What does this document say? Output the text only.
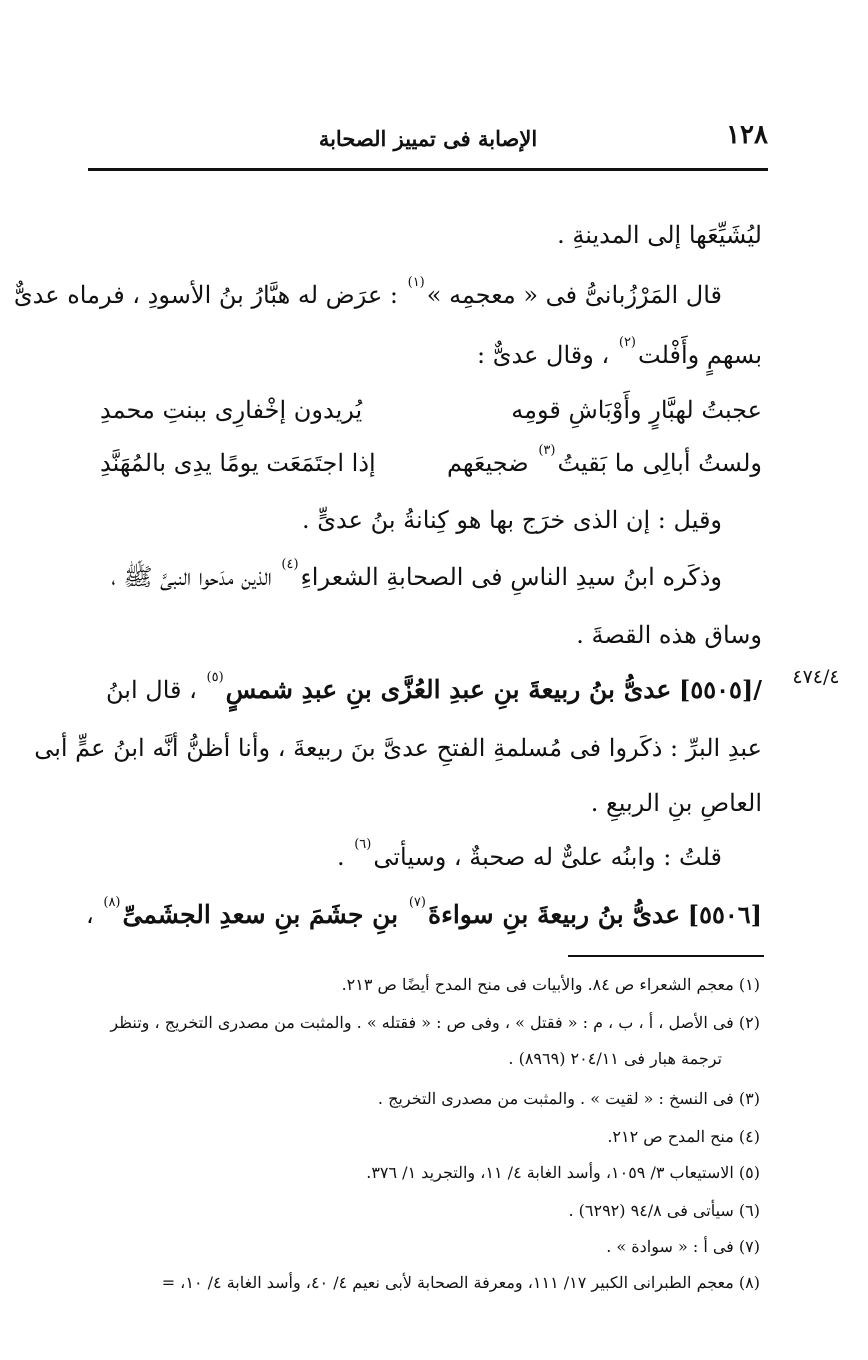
١٢٨
الإصابة فى تمييز الصحابة
٤٧٤/٤
ليُشَيِّعَها إلى المدينةِ .
قال المَرْزُبانىُّ فى « معجمِه »$^{(١)}$ : عرَض له هبَّارُ بنُ الأسودِ ، فرماه عدىٌّ
بسهمٍ وأَفْلت$^{(٢)}$ ، وقال عدىٌّ :
عجبتُ لهبَّارٍ وأَوْبَاشِ قومِه
يُريدون إخْفارِى ببنتِ محمدِ
ولستُ أبالِى ما بَقيتُ$^{(٣)}$ ضجيعَهم
إذا اجتَمَعَت يومًا يدِى بالمُهَنَّدِ
وقيل : إن الذى خرَج بها هو كِنانةُ بنُ عدىٍّ .
وذكَره ابنُ سيدِ الناسِ فى الصحابةِ الشعراءِ$^{(٤)}$ الذين مدَحوا النبىَّ ﷺ ،
وساق هذه القصةَ .
/[٥٥٠٥] عدىُّ بنُ ربيعةَ بنِ عبدِ العُزَّى بنِ عبدِ شمسٍ$^{(٥)}$ ، قال ابنُ
عبدِ البرِّ : ذكَروا فى مُسلمةِ الفتحِ عدىَّ بنَ ربيعةَ ، وأنا أظنُّ أنَّه ابنُ عمٍّ أبى
العاصِ بنِ الربيعِ .
قلتُ : وابنُه علىٌّ له صحبةٌ ، وسيأتى$^{(٦)}$ .
[٥٥٠٦] عدىُّ بنُ ربيعةَ بنِ سواءةَ$^{(٧)}$ بنِ جشَمَ بنِ سعدِ الجشَمىِّ$^{(٨)}$ ،
(١) معجم الشعراء ص ٨٤. والأبيات فى منح المدح أيضًا ص ٢١٣.
(٢) فى الأصل ، أ ، ب ، م : « فقتل » ، وفى ص : « فقتله » . والمثبت من مصدرى التخريج ، وتنظر
ترجمة هبار فى ٢٠٤/١١ (٨٩٦٩) .
(٣) فى النسخ : « لقيت » . والمثبت من مصدرى التخريج .
(٤) منح المدح ص ٢١٢.
(٥) الاستيعاب ٣/ ١٠٥٩، وأسد الغابة ٤/ ١١، والتجريد ١/ ٣٧٦.
(٦) سيأتى فى ٩٤/٨ (٦٢٩٢) .
(٧) فى أ : « سوادة » .
(٨) معجم الطبرانى الكبير ١٧/ ١١١، ومعرفة الصحابة لأبى نعيم ٤/ ٤٠، وأسد الغابة ٤/ ١٠، =
